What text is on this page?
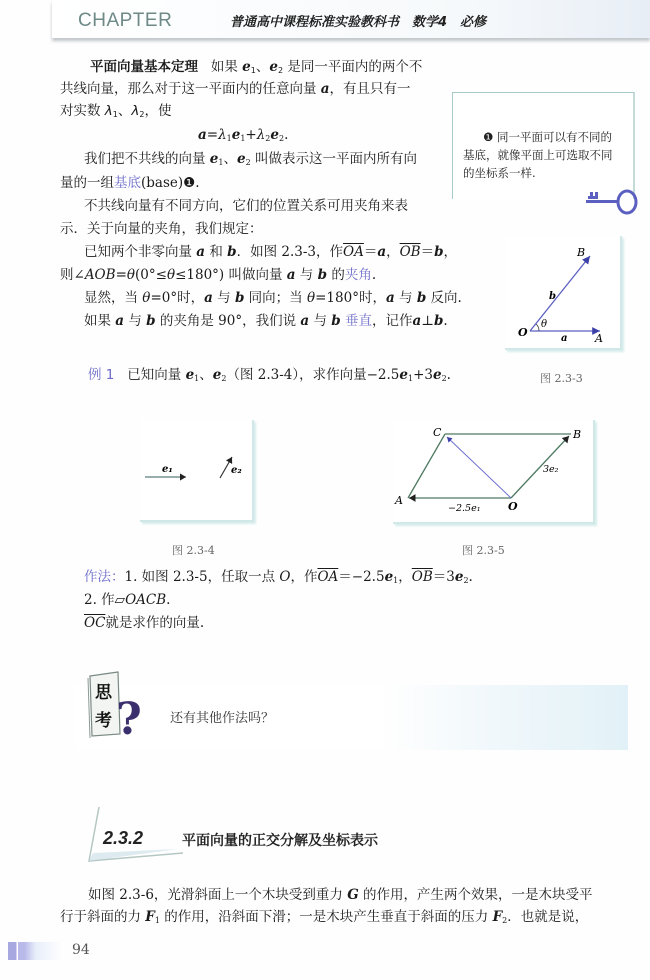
CHAPTER	普通高中课程标准实验教科书　数学4　必修
平面向量基本定理   如果 $e_1$、$e_2$ 是同一平面内的两个不
共线向量，那么对于这一平面内的任意向量 a，有且只有一
对实数 $\lambda_1$、$\lambda_2$，使
$a=\lambda_1e_1+\lambda_2e_2$.
我们把不共线的向量 $e_1$、$e_2$ 叫做表示这一平面内所有向
量的一组基底(base)❶.
不共线向量有不同方向，它们的位置关系可用夹角来表
示．关于向量的夹角，我们规定：
已知两个非零向量 a 和 b．如图 2.3-3，作$\overline{OA}=a$，$\overline{OB}=b$，
则∠AOB=θ(0°≤θ≤180°) 叫做向量 a 与 b 的夹角.
显然，当 θ=0°时，a 与 b 同向；当 θ=180°时，a 与 b 反向.
如果 a 与 b 的夹角是 90°，我们说 a 与 b 垂直，记作a⊥b.
❶ 同一平面可以有不同的基底，就像平面上可选取不同的坐标系一样.
O	A
B
a
b
θ
图 2.3-3
例 1   已知向量 $e_1$、$e_2$（图 2.3-4），求作向量$-2.5e_1+3e_2$.
e₁	e₂
图 2.3-4
C	B
A	O
−2.5e₁
3e₂
图 2.3-5
作法：1. 如图 2.3-5，任取一点 O，作$\overline{OA}=-2.5e_1$，$\overline{OB}=3e_2$.
2. 作▱OACB.
$\overline{OC}$就是求作的向量.
思
考 ? 还有其他作法吗？
2.3.2	平面向量的正交分解及坐标表示
如图 2.3-6，光滑斜面上一个木块受到重力 G 的作用，产生两个效果，一是木块受平
行于斜面的力 $F_1$ 的作用，沿斜面下滑；一是木块产生垂直于斜面的压力 $F_2$．也就是说，
94
